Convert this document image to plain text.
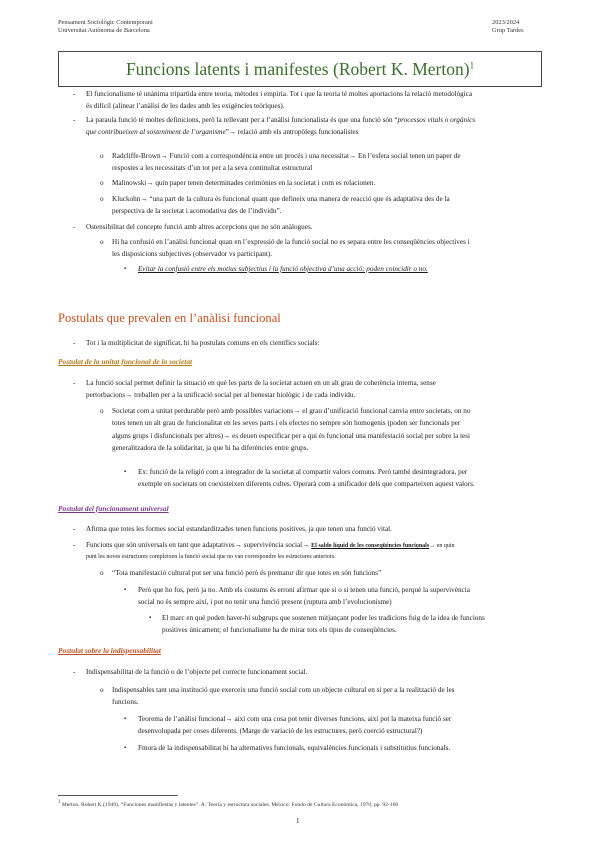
Pensament Sociològic Contemporani
Universitat Autònoma de Barcelona
2023/2024
Grup Tardes
Funcions latents i manifestes (Robert K. Merton)$^1$
- El funcionalisme té unànima tripartida entre teoria, mètodes i empiria. Tot i que la teoria té moltes aportacions la relació metodològica
és difícil (alinear l’anàlisi de les dades amb les exigències teòriques).
- La paraula funció té moltes definicions, però la rellevant per a l’anàlisi funcionalista és que una funció són “processos vitals o orgànics
que contribueixen al sosteniment de l’organisme”→ relació amb els antropòlegs funcionalistes
o Radcliffe-Brown→ Funció com a correspondència entre un procés i una necessitat→ En l’esfera social tenen un paper de
respostes a les necessitats d’un tot per a la seva continuïtat estructural
o Malinowski→ quin paper tenen determinades cerimònies en la societat i com es relacionen.
o Kluckohn→ “una part de la cultura és funcional quant que defineix una manera de reacció que és adaptativa des de la
perspectiva de la societat i acomodativa des de l’individu”.
- Ostensibilitat del concepte funció amb altres accepcions que no són anàlogues.
o Hi ha confusió en l’anàlisi funcional quan en l’expressió de la funció social no es separa entre les conseqüències objectives i
les disposicions subjectives (observador vs participant).
▪ Evitar la confusió entre els motius subjectius i la funció objectiva d’una acció; poden coincidir o no.
Postulats que prevalen en l’anàlisi funcional
- Tot i la multiplicitat de significat, hi ha postulats comuns en els científics socials:
Postulat de la unitat funcional de la societat
- La funció social permet definir la situació en què les parts de la societat actuen en un alt grau de coherència interna, sense
pertorbacions→ treballen per a la unificació social per al benestar biològic i de cada individu.
o Societat com a unitat perdurable però amb possibles variacions→ el grau d’unificació funcional canvia entre societats, on no
totes tenen un alt grau de funcionalitat en les seves parts i els efectes no sempre són homogenis (poden ser funcionals per
alguns grups i disfuncionals per altres)→ es deuen especificar per a qui és funcional una manifestació social per sobre la tesi
generalitzadora de la solidaritat, ja que hi ha diferències entre grups.
▪ Ex: funció de la religió com a integrador de la societat al compartir valors comuns. Però també desintegradora, per
exemple en societats on coexisteixen diferents cultes. Operarà com a unificador dels que comparteixen aquest valors.
Postulat del funcionament universal
- Afirma que totes les formes social estandarditzades tenen funcions positives, ja que tenen una funció vital.
- Funcions que són universals en tant que adaptatives→ supervivència social→ El saldo líquid de les conseqüències funcionals→ en quin
punt les noves estructures compleixen la funció social que no van correspondre les estructures anteriors.
o “Tota manifestació cultural pot ser una funció però és prematur dir que totes en són funcions”
▪ Però que ho fos, però ja no. Amb els costums és erroni afirmar que si o si tenen una funció, perquè la supervivència
social no és sempre així, i pot no tenir una funció present (ruptura amb l’evolucionisme)
▪ El marc en què poden haver-hi subgrups que sostenen mitjançant poder les tradicions fuig de la idea de funcions
positives únicament; el funcionalisme ha de mirar tots els tipus de conseqüències.
Postulat sobre la indispensabilitat
- Indispensabilitat de la funció o de l’objecte pel correcte funcionament social.
o Indispensables tant una institució que exerceix una funció social com un objecte cultural en si per a la realització de les
funcions.
▪ Teorema de l’anàlisi funcional→ així com una cosa pot tenir diverses funcions, així pot la mateixa funció ser
desenvolupada per coses diferents. (Marge de variació de les estructures, però coerció estructural?)
▪ Fmora de la indispensabilitat hi ha alternatives funcionals, equivalències funcionals i substitutius funcionals.
$^1$ Merton, Robert K (1949). “Funciones manifiestas y latentes”. A: Teoría y estructura sociales. México: Fondo de Cultura Económica, 1970, pp. 92-160
1
